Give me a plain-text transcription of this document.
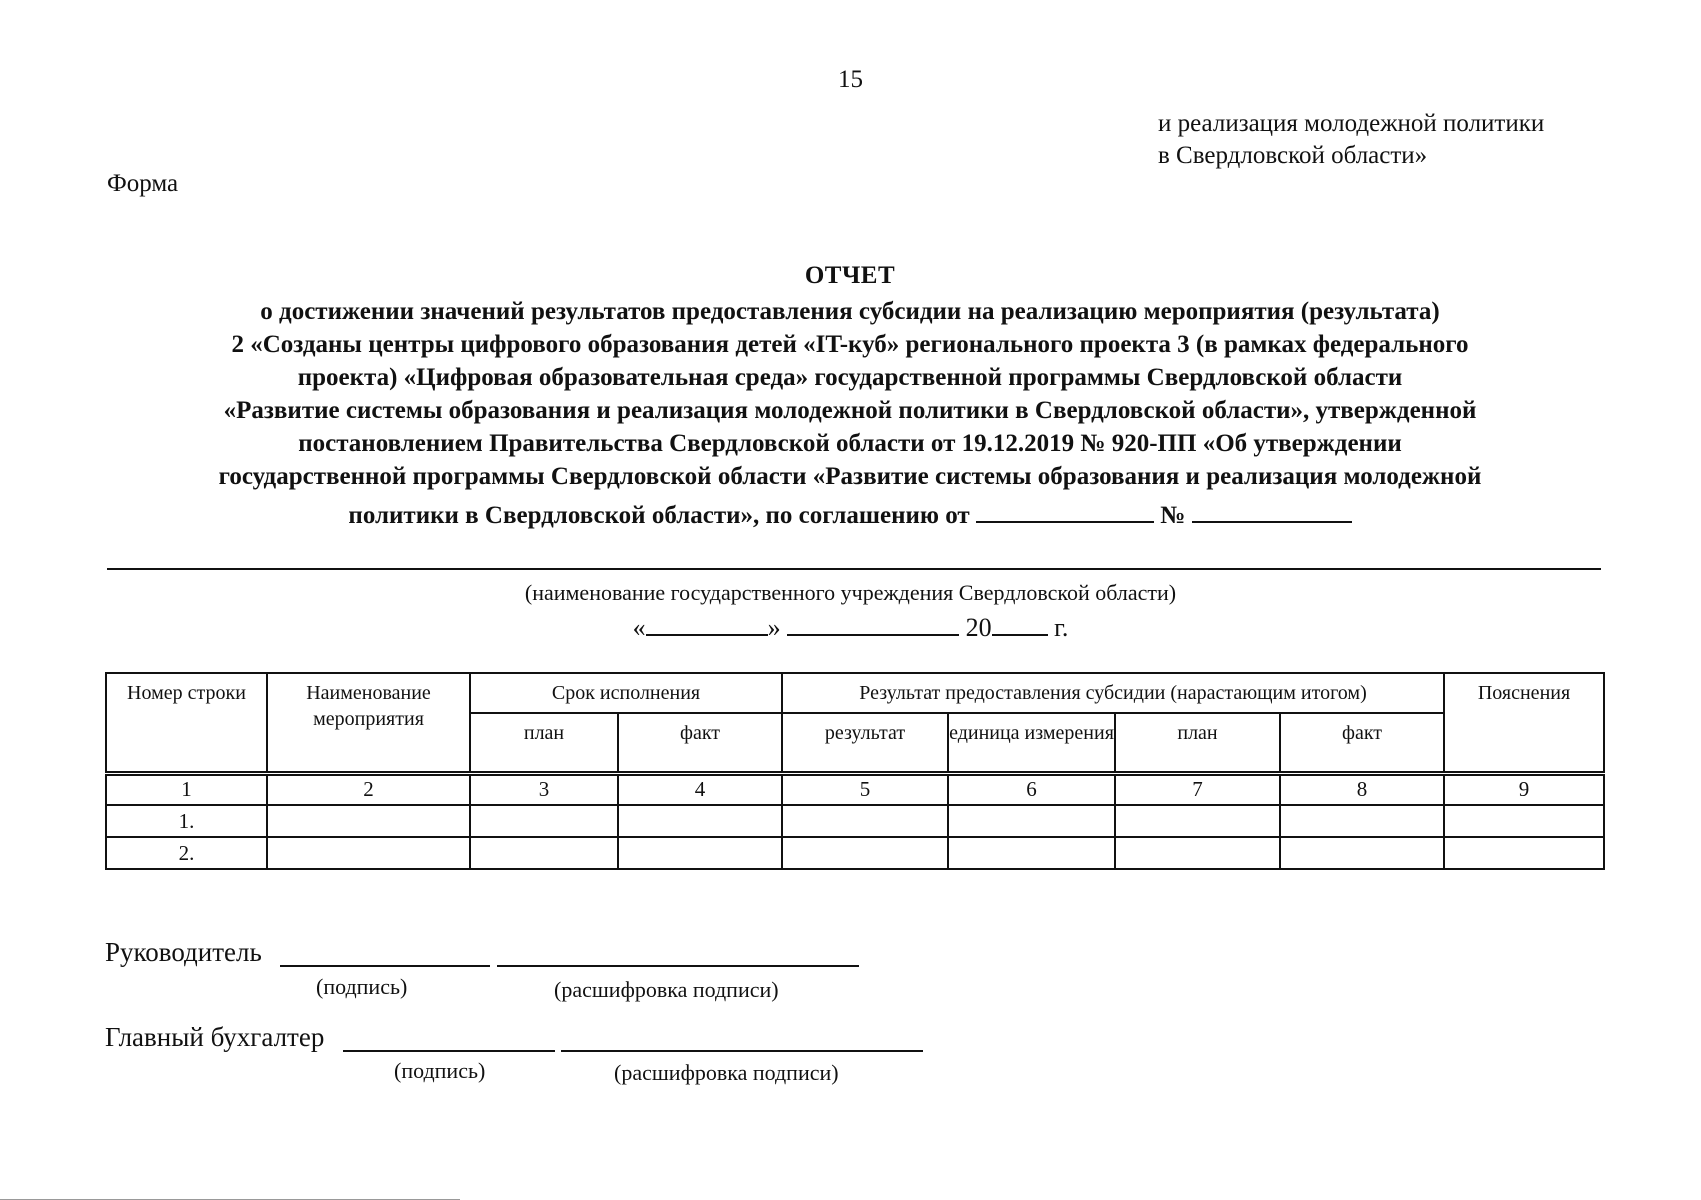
15
и реализация молодежной политики
в Свердловской области»
Форма
ОТЧЕТ
о достижении значений результатов предоставления субсидии на реализацию мероприятия (результата)
2 «Созданы центры цифрового образования детей «IT-куб» регионального проекта 3 (в рамках федерального
проекта) «Цифровая образовательная среда» государственной программы Свердловской области
«Развитие системы образования и реализация молодежной политики в Свердловской области», утвержденной
постановлением Правительства Свердловской области от 19.12.2019 № 920-ПП «Об утверждении
государственной программы Свердловской области «Развитие системы образования и реализация молодежной
политики в Свердловской области», по соглашению от	№
(наименование государственного учреждения Свердловской области)
«	»	20 г.
Номер строки	Наименование мероприятия	Срок исполнения		Результат предоставления субсидии (нарастающим итогом)				Пояснения
		план	факт	результат	единица измерения	план	факт	
1	2	3	4	5	6	7	8	9
1.								
2.								
Руководитель
(подпись)	(расшифровка подписи)
Главный бухгалтер
(подпись)	(расшифровка подписи)
